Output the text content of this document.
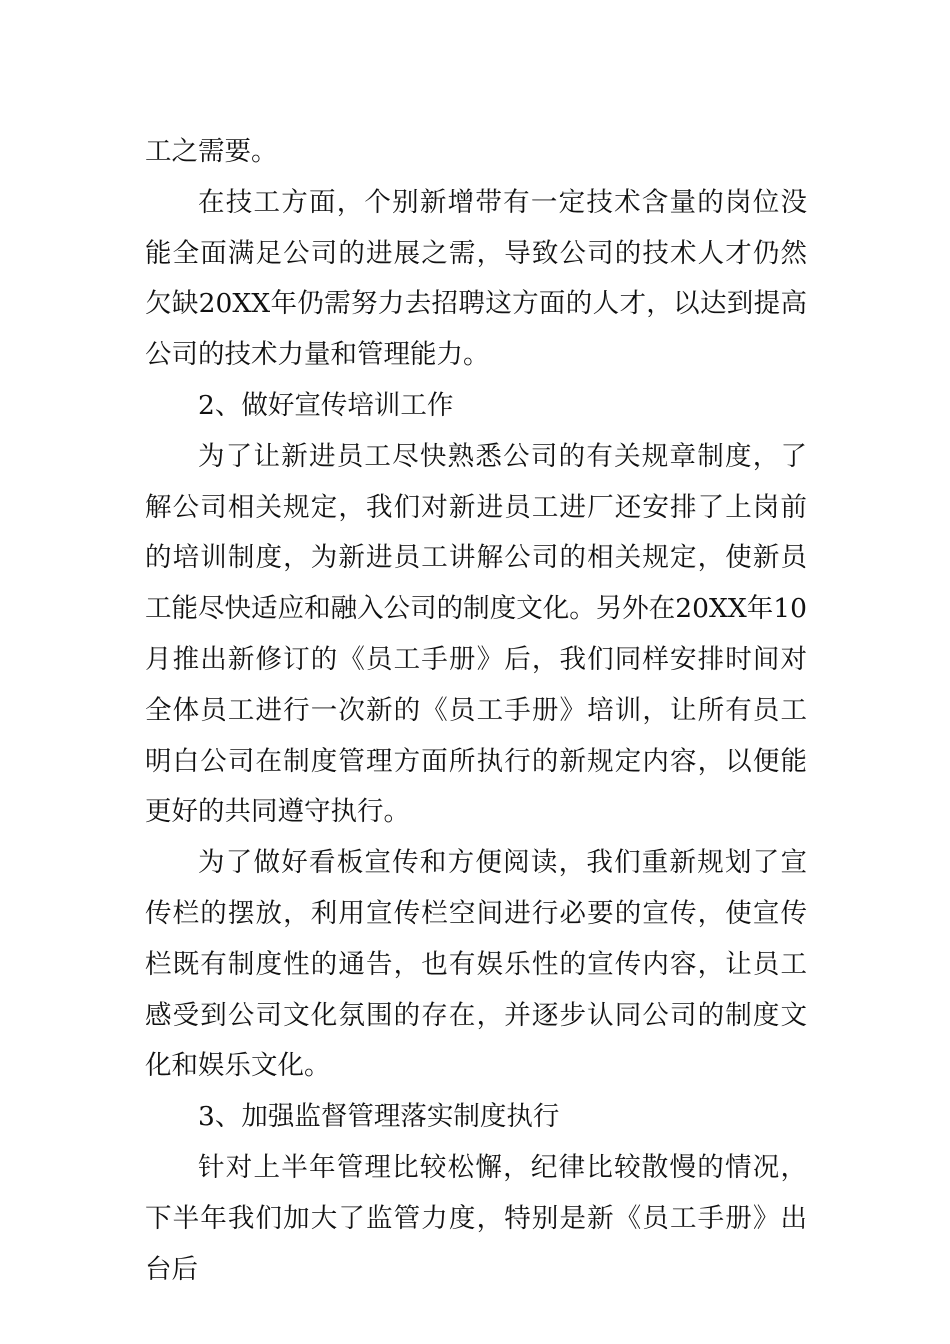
工之需要。

在技工方面，个别新增带有一定技术含量的岗位没能全面满足公司的进展之需，导致公司的技术人才仍然欠缺20XX年仍需努力去招聘这方面的人才，以达到提高公司的技术力量和管理能力。

2、做好宣传培训工作

为了让新进员工尽快熟悉公司的有关规章制度，了解公司相关规定，我们对新进员工进厂还安排了上岗前的培训制度，为新进员工讲解公司的相关规定，使新员工能尽快适应和融入公司的制度文化。另外在20XX年10月推出新修订的《员工手册》后，我们同样安排时间对全体员工进行一次新的《员工手册》培训，让所有员工明白公司在制度管理方面所执行的新规定内容，以便能更好的共同遵守执行。

为了做好看板宣传和方便阅读，我们重新规划了宣传栏的摆放，利用宣传栏空间进行必要的宣传，使宣传栏既有制度性的通告，也有娱乐性的宣传内容，让员工感受到公司文化氛围的存在，并逐步认同公司的制度文化和娱乐文化。

3、加强监督管理落实制度执行

针对上半年管理比较松懈，纪律比较散慢的情况，下半年我们加大了监管力度，特别是新《员工手册》出台后
